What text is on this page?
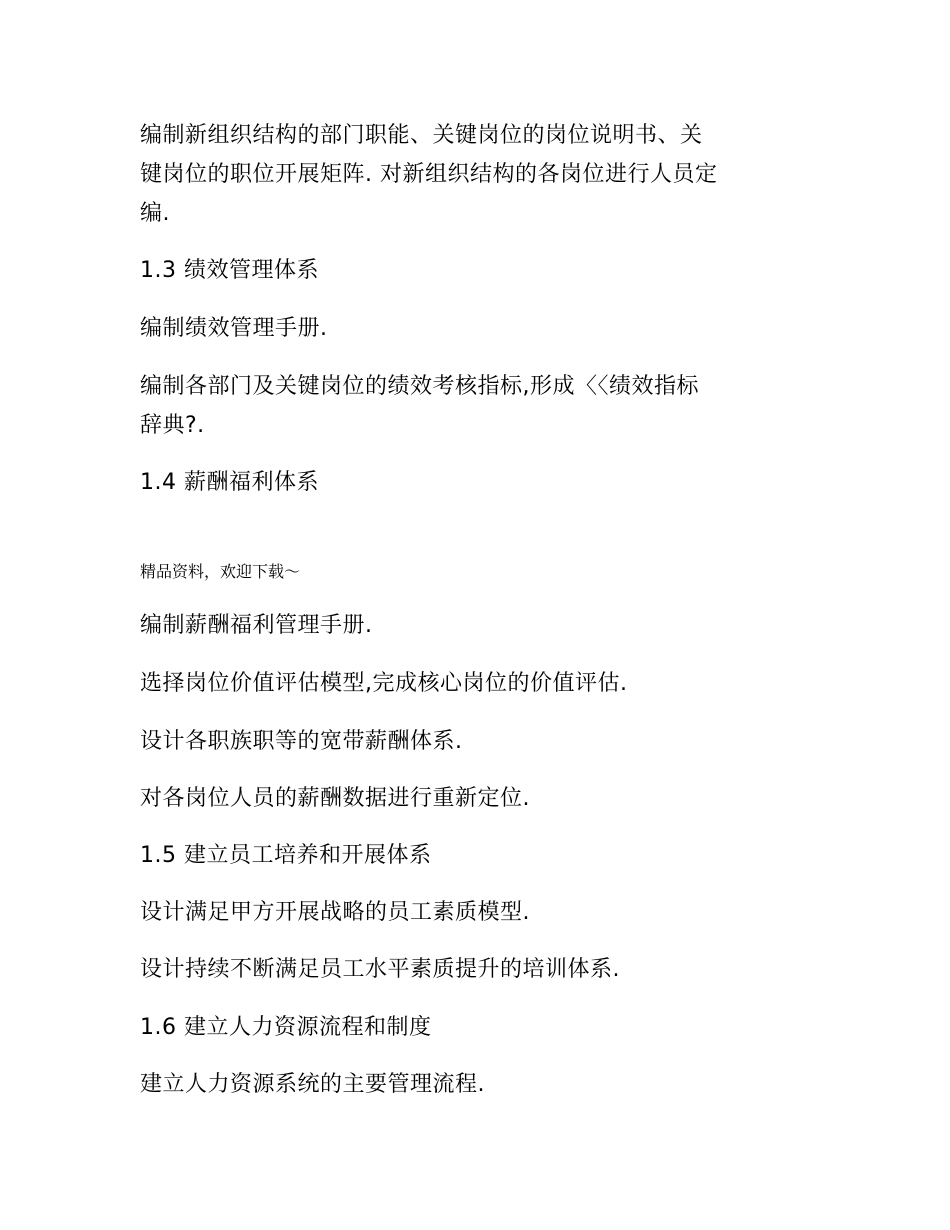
编制新组织结构的部门职能、关键岗位的岗位说明书、关
键岗位的职位开展矩阵. 对新组织结构的各岗位进行人员定
编.
1.3 绩效管理体系
编制绩效管理手册.
编制各部门及关键岗位的绩效考核指标,形成〈〈绩效指标
辞典?.
1.4 薪酬福利体系
精品资料，欢迎下载～
编制薪酬福利管理手册.
选择岗位价值评估模型,完成核心岗位的价值评估.
设计各职族职等的宽带薪酬体系.
对各岗位人员的薪酬数据进行重新定位.
1.5 建立员工培养和开展体系
设计满足甲方开展战略的员工素质模型.
设计持续不断满足员工水平素质提升的培训体系.
1.6 建立人力资源流程和制度
建立人力资源系统的主要管理流程.
